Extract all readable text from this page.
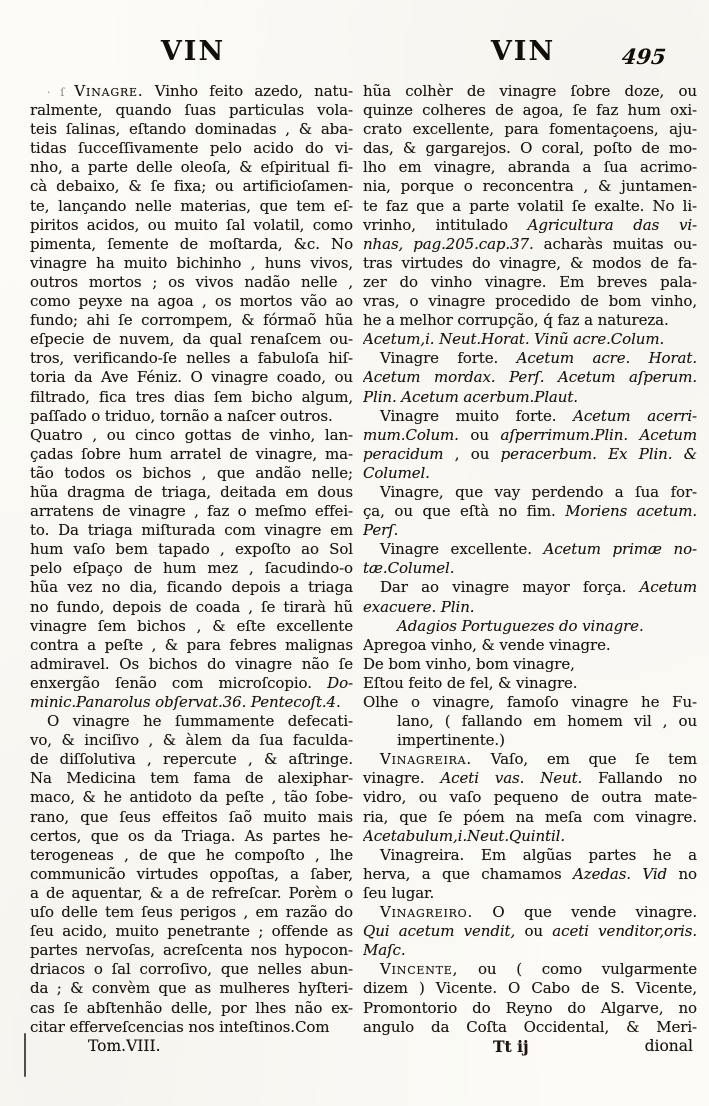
VIN	VIN	495
· ſ Vinagre. Vinho feito azedo, natu-
ralmente, quando ſuas particulas vola-
teis ſalinas, eſtando dominadas , & aba-
tidas ſucceſſivamente pelo acido do vi-
nho, a parte delle oleoſa, & eſpiritual fi-
cà debaixo, & ſe fixa; ou artificioſamen-
te, lançando nelle materias, que tem eſ-
piritos acidos, ou muito ſal volatil, como
pimenta, ſemente de moſtarda, &c. No
vinagre ha muito bichinho , huns vivos,
outros mortos ; os vivos nadão nelle ,
como peyxe na agoa , os mortos vão ao
fundo; ahi ſe corrompem, & fórmaõ hũa
eſpecie de nuvem, da qual renaſcem ou-
tros, verificando-ſe nelles a fabuloſa hiſ-
toria da Ave Féniz. O vinagre coado, ou
filtrado, fica tres dias ſem bicho algum,
paſſado o triduo, tornão a naſcer outros.
Quatro , ou cinco gottas de vinho, lan-
çadas ſobre hum arratel de vinagre, ma-
tão todos os bichos , que andão nelle;
hũa dragma de triaga, deitada em dous
arratens de vinagre , faz o meſmo effei-
to. Da triaga miſturada com vinagre em
hum vaſo bem tapado , expoſto ao Sol
pelo eſpaço de hum mez , ſacudindo-o
hũa vez no dia, ficando depois a triaga
no fundo, depois de coada , ſe tirarà hũ
vinagre ſem bichos , & eſte excellente
contra a peſte , & para febres malignas
admiravel. Os bichos do vinagre não ſe
enxergão ſenão com microſcopio. Do-
minic.Panarolus obſervat.36. Pentecoſt.4.
O vinagre he ſummamente defecati-
vo, & inciſivo , & àlem da ſua faculda-
de diſſolutiva , repercute , & aſtringe.
Na Medicina tem fama de alexiphar-
maco, & he antidoto da peſte , tão ſobe-
rano, que ſeus effeitos ſaõ muito mais
certos, que os da Triaga. As partes he-
terogeneas , de que he compoſto , lhe
communicão virtudes oppoſtas, a ſaber,
a de aquentar, & a de refreſcar. Porèm o
uſo delle tem ſeus perigos , em razão do
ſeu acido, muito penetrante ; offende as
partes nervoſas, acreſcenta nos hypocon-
driacos o ſal corroſivo, que nelles abun-
da ; & convèm que as mulheres hyſteri-
cas ſe abſtenhão delle, por lhes não ex-
citar efferveſcencias nos inteſtinos.Com
Tom.VIII.
hũa colhèr de vinagre ſobre doze, ou
quinze colheres de agoa, ſe faz hum oxi-
crato excellente, para fomentaçoens, aju-
das, & gargarejos. O coral, poſto de mo-
lho em vinagre, abranda a ſua acrimo-
nia, porque o reconcentra , & juntamen-
te faz que a parte volatil ſe exalte. No li-
vrinho, intitulado Agricultura das vi-
nhas, pag.205.cap.37. acharàs muitas ou-
tras virtudes do vinagre, & modos de fa-
zer do vinho vinagre. Em breves pala-
vras, o vinagre procedido de bom vinho,
he a melhor corrupção, q́ faz a natureza.
Acetum,i. Neut.Horat. Vinũ acre.Colum.
Vinagre forte. Acetum acre. Horat.
Acetum mordax. Perſ. Acetum aſperum.
Plin. Acetum acerbum.Plaut.
Vinagre muito forte. Acetum acerri-
mum.Colum. ou aſperrimum.Plin. Acetum
peracidum , ou peracerbum. Ex Plin. &
Columel.
Vinagre, que vay perdendo a ſua for-
ça, ou que eſtà no fim. Moriens acetum.
Perſ.
Vinagre excellente. Acetum primæ no-
tæ.Columel.
Dar ao vinagre mayor força. Acetum
exacuere. Plin.
Adagios Portuguezes do vinagre.
Apregoa vinho, & vende vinagre.
De bom vinho, bom vinagre,
Eſtou feito de fel, & vinagre.
Olhe o vinagre, famoſo vinagre he Fu-
lano, ( fallando em homem vil , ou
impertinente.)
Vinagreira. Vaſo, em que ſe tem
vinagre. Aceti vas. Neut. Fallando no
vidro, ou vaſo pequeno de outra mate-
ria, que ſe póem na meſa com vinagre.
Acetabulum,i.Neut.Quintil.
Vinagreira. Em algũas partes he a
herva, a que chamamos Azedas. Vid no
ſeu lugar.
Vinagreiro. O que vende vinagre.
Qui acetum vendit, ou aceti venditor,oris.
Maſc.
Vincente, ou ( como vulgarmente
dizem ) Vicente. O Cabo de S. Vicente,
Promontorio do Reyno do Algarve, no
angulo da Coſta Occidental, & Meri-
Tt ij	dional
